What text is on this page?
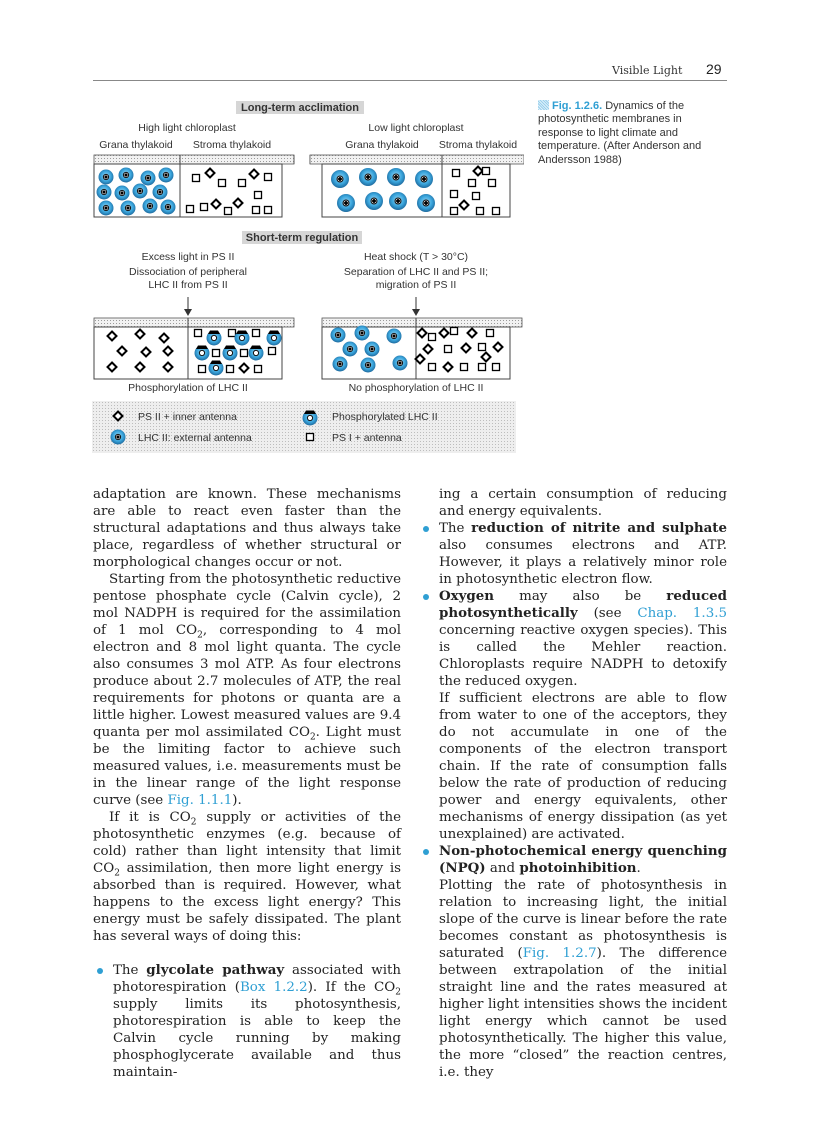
Visible Light 29
Long-term acclimation
High light chloroplast	Low light chloroplast
Grana thylakoid Stroma thylakoid	Grana thylakoid Stroma thylakoid
Short-term regulation
Excess light in PS II
Dissociation of peripheral
LHC II from PS II
Heat shock (T > 30°C)
Separation of LHC II and PS II;
migration of PS II
Phosphorylation of LHC II	No phosphorylation of LHC II
PS II + inner antenna
LHC II: external antenna
Phosphorylated LHC II
PS I + antenna
Fig. 1.2.6. Dynamics of the photosynthetic membranes in response to light climate and temperature. (After Anderson and Andersson 1988)

adaptation are known. These mechanisms are able to react even faster than the structural adaptations and thus always take place, regardless of whether structural or morphological changes occur or not.

Starting from the photosynthetic reductive pentose phosphate cycle (Calvin cycle), 2 mol NADPH is required for the assimilation of 1 mol $CO_2$, corresponding to 4 mol electron and 8 mol light quanta. The cycle also consumes 3 mol ATP. As four electrons produce about 2.7 molecules of ATP, the real requirements for photons or quanta are a little higher. Lowest measured values are 9.4 quanta per mol assimilated $CO_2$. Light must be the limiting factor to achieve such measured values, i.e. measurements must be in the linear range of the light response curve (see Fig. 1.1.1).

If it is $CO_2$ supply or activities of the photosynthetic enzymes (e.g. because of cold) rather than light intensity that limit $CO_2$ assimilation, then more light energy is absorbed than is required. However, what happens to the excess light energy? This energy must be safely dissipated. The plant has several ways of doing this:

The glycolate pathway associated with photorespiration (Box 1.2.2). If the $CO_2$ supply limits its photosynthesis, photorespiration is able to keep the Calvin cycle running by making phosphoglycerate available and thus maintain-

ing a certain consumption of reducing and energy equivalents.

The reduction of nitrite and sulphate also consumes electrons and ATP. However, it plays a relatively minor role in photosynthetic electron flow.

Oxygen may also be reduced photosynthetically (see Chap. 1.3.5 concerning reactive oxygen species). This is called the Mehler reaction. Chloroplasts require NADPH to detoxify the reduced oxygen.

If sufficient electrons are able to flow from water to one of the acceptors, they do not accumulate in one of the components of the electron transport chain. If the rate of consumption falls below the rate of production of reducing power and energy equivalents, other mechanisms of energy dissipation (as yet unexplained) are activated.

Non-photochemical energy quenching (NPQ) and photoinhibition.

Plotting the rate of photosynthesis in relation to increasing light, the initial slope of the curve is linear before the rate becomes constant as photosynthesis is saturated (Fig. 1.2.7). The difference between extrapolation of the initial straight line and the rates measured at higher light intensities shows the incident light energy which cannot be used photosynthetically. The higher this value, the more “closed” the reaction centres, i.e. they
